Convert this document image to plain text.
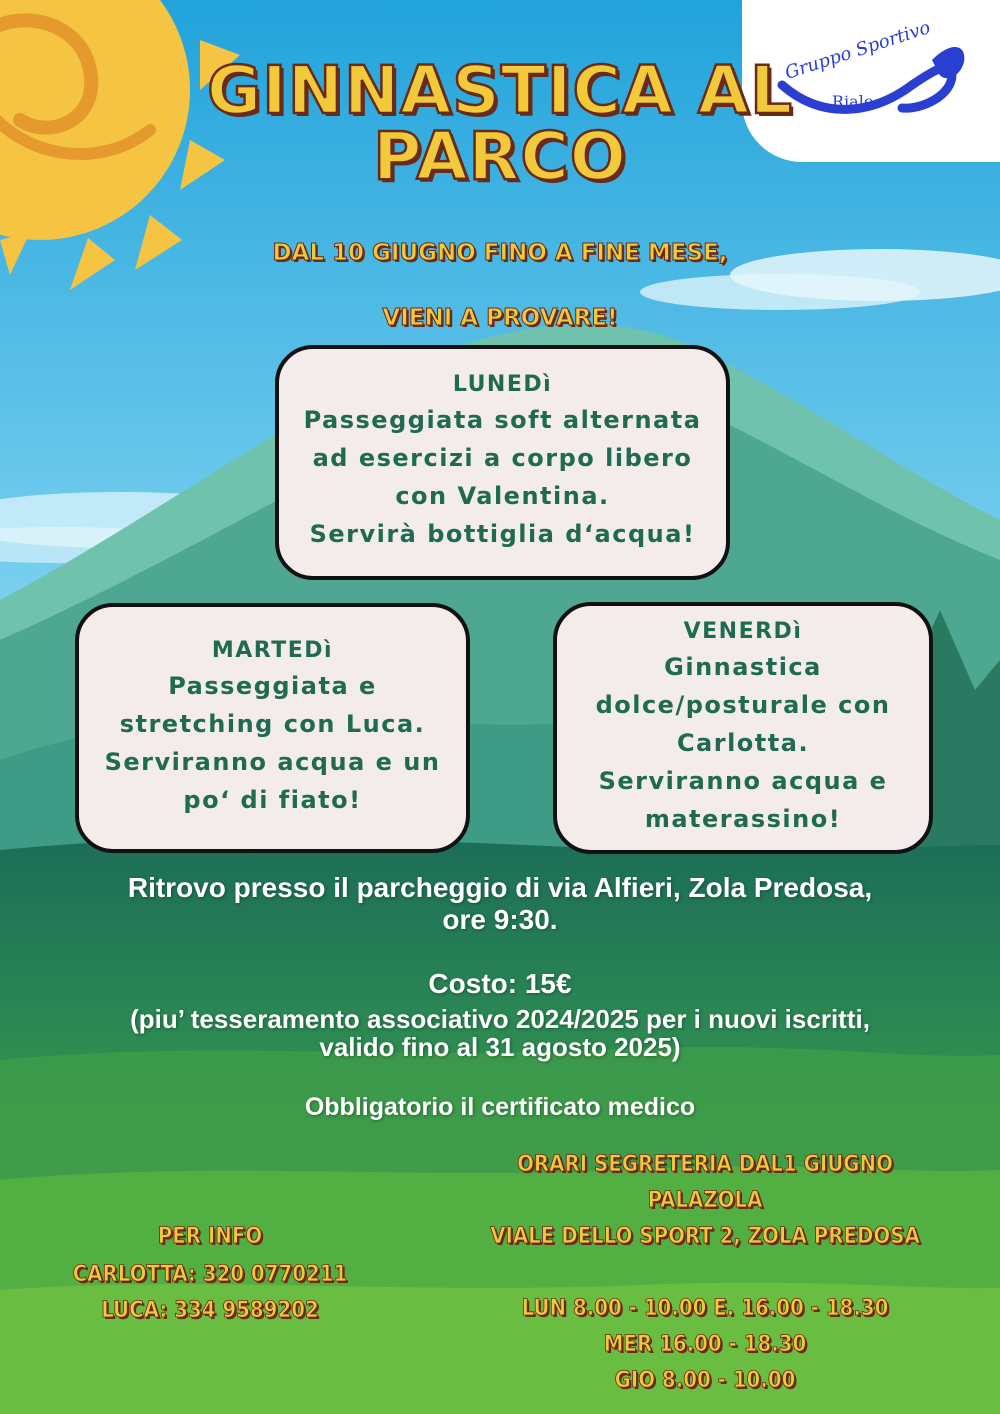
Gruppo Sportivo
Riale
GINNASTICA AL
PARCO
DAL 10 GIUGNO FINO A FINE MESE,
VIENI A PROVARE!
LUNEDì
Passeggiata soft alternata
ad esercizi a corpo libero
con Valentina.
Servirà bottiglia d‘acqua!
MARTEDì
Passeggiata e
stretching con Luca.
Serviranno acqua e un
po‘ di fiato!
VENERDì
Ginnastica
dolce/posturale con
Carlotta.
Serviranno acqua e
materassino!
Ritrovo presso il parcheggio di via Alfieri, Zola Predosa,
ore 9:30.
Costo: 15€
(piu’ tesseramento associativo 2024/2025 per i nuovi iscritti,
valido fino al 31 agosto 2025)
Obbligatorio il certificato medico
PER INFO
CARLOTTA: 320 0770211
LUCA: 334 9589202
ORARI SEGRETERIA DAL1 GIUGNO
PALAZOLA
VIALE DELLO SPORT 2, ZOLA PREDOSA
LUN 8.00 - 10.00 E. 16.00 - 18.30
MER 16.00 - 18.30
GIO 8.00 - 10.00
